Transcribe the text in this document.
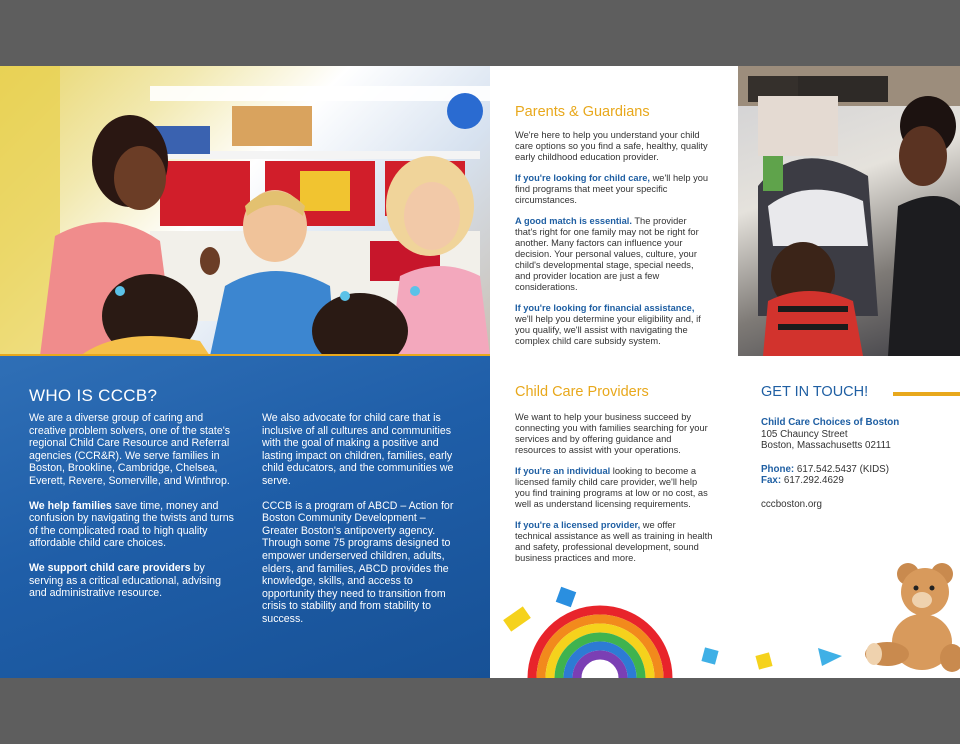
WHO IS CCCB?

We are a diverse group of caring and creative problem solvers, one of the state's regional Child Care Resource and Referral agencies (CCR&R). We serve families in Boston, Brookline, Cambridge, Chelsea, Everett, Revere, Somerville, and Winthrop.

We help families save time, money and confusion by navigating the twists and turns of the complicated road to high quality affordable child care choices.

We support child care providers by serving as a critical educational, advising and administrative resource.

We also advocate for child care that is inclusive of all cultures and communities with the goal of making a positive and lasting impact on children, families, early child educators, and the communities we serve.

CCCB is a program of ABCD – Action for Boston Community Development – Greater Boston's antipoverty agency. Through some 75 programs designed to empower underserved children, adults, elders, and families, ABCD provides the knowledge, skills, and access to opportunity they need to transition from crisis to stability and from stability to success.

Parents & Guardians

We're here to help you understand your child care options so you find a safe, healthy, quality early childhood education provider.

If you're looking for child care, we'll help you find programs that meet your specific circumstances.

A good match is essential. The provider that's right for one family may not be right for another. Many factors can influence your decision. Your personal values, culture, your child's developmental stage, special needs, and provider location are just a few considerations.

If you're looking for financial assistance, we'll help you determine your eligibility and, if you qualify, we'll assist with navigating the complex child care subsidy system.

Child Care Providers

We want to help your business succeed by connecting you with families searching for your services and by offering guidance and resources to assist with your operations.

If you're an individual looking to become a licensed family child care provider, we'll help you find training programs at low or no cost, as well as understand licensing requirements.

If you're a licensed provider, we offer technical assistance as well as training in health and safety, professional development, sound business practices and more.

GET IN TOUCH!
Child Care Choices of Boston
105 Chauncy Street
Boston, Massachusetts 02111
Phone: 617.542.5437 (KIDS)
Fax: 617.292.4629
cccboston.org
